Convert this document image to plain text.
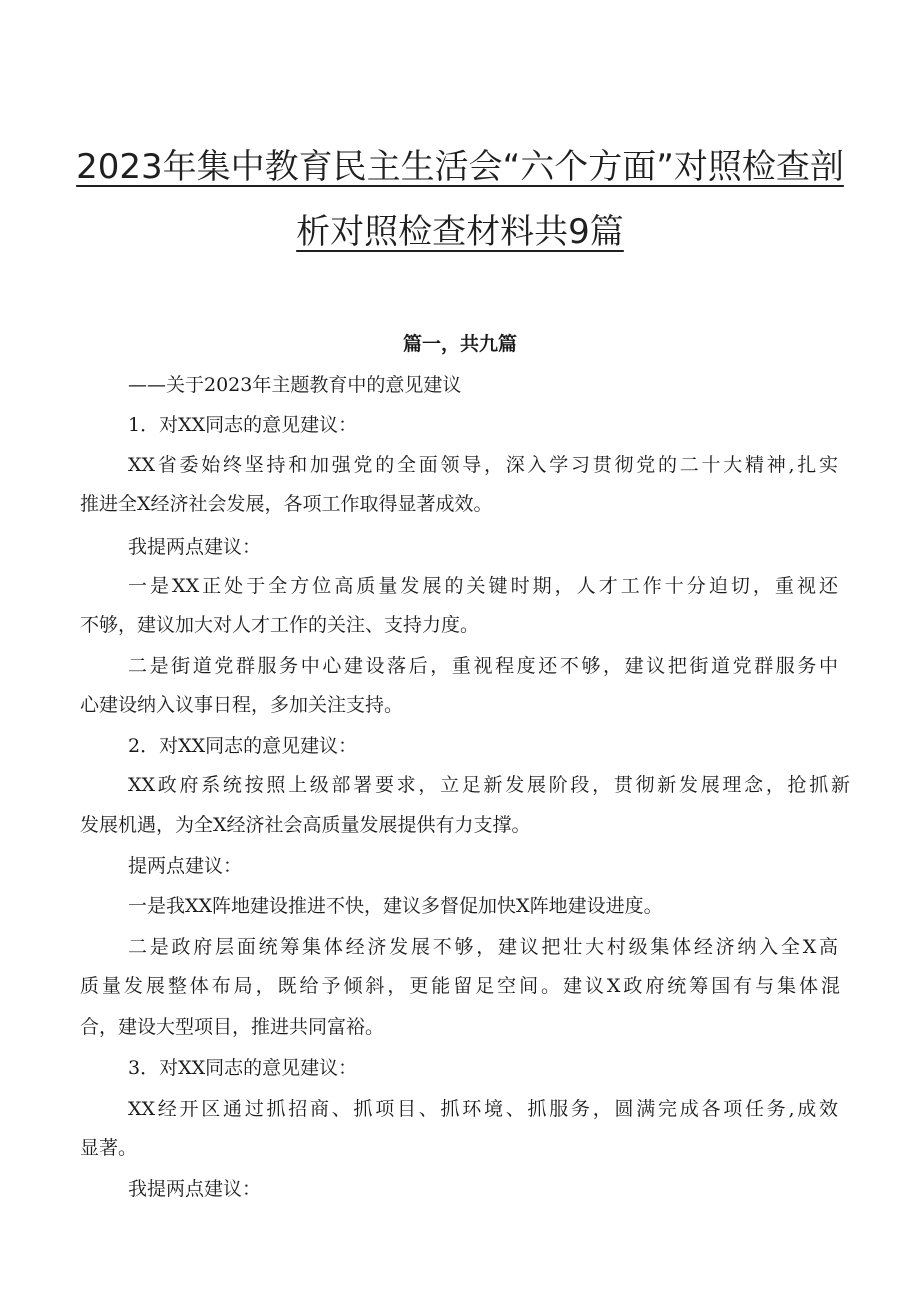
2023年集中教育民主生活会“六个方面”对照检查剖
析对照检查材料共9篇
篇一，共九篇
——关于2023年主题教育中的意见建议
1．对XX同志的意见建议：
XX省委始终坚持和加强党的全面领导，深入学习贯彻党的二十大精神,扎实
推进全X经济社会发展，各项工作取得显著成效。
我提两点建议：
一是XX正处于全方位高质量发展的关键时期，人才工作十分迫切，重视还
不够，建议加大对人才工作的关注、支持力度。
二是街道党群服务中心建设落后，重视程度还不够，建议把街道党群服务中
心建设纳入议事日程，多加关注支持。
2．对XX同志的意见建议：
XX政府系统按照上级部署要求，立足新发展阶段，贯彻新发展理念，抢抓新
发展机遇，为全X经济社会高质量发展提供有力支撑。
提两点建议：
一是我XX阵地建设推进不快，建议多督促加快X阵地建设进度。
二是政府层面统筹集体经济发展不够，建议把壮大村级集体经济纳入全X高
质量发展整体布局，既给予倾斜，更能留足空间。建议X政府统筹国有与集体混
合，建设大型项目，推进共同富裕。
3．对XX同志的意见建议：
XX经开区通过抓招商、抓项目、抓环境、抓服务，圆满完成各项任务,成效
显著。
我提两点建议：
